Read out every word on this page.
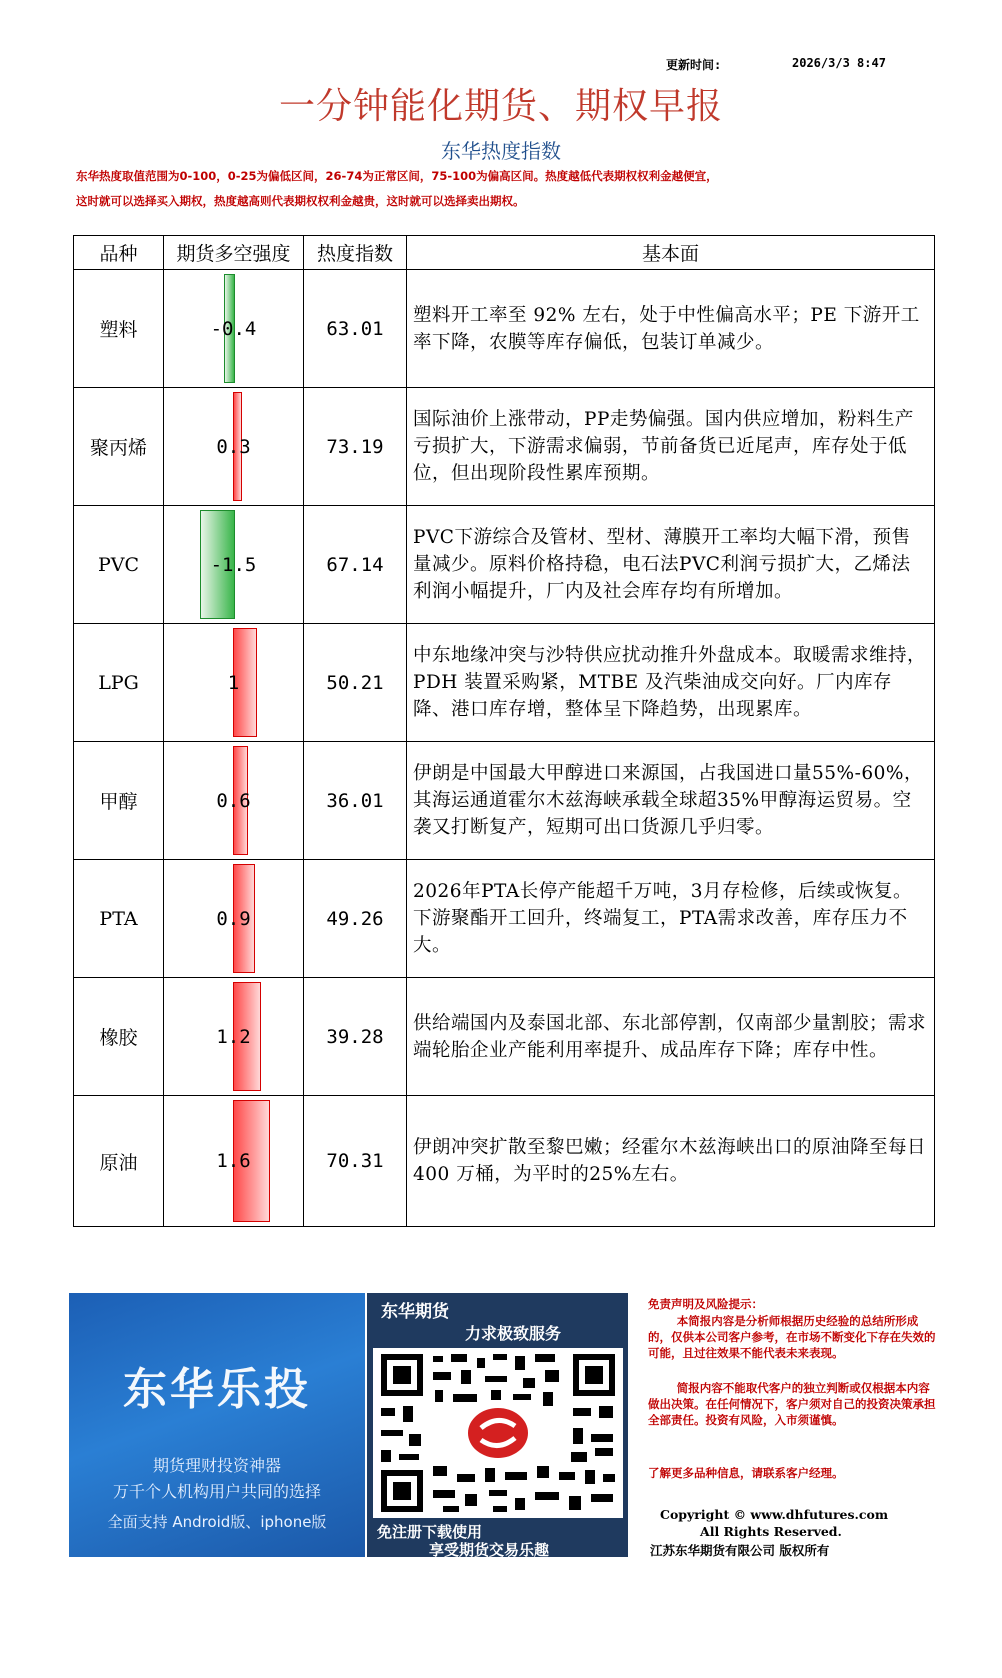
更新时间:	2026/3/3 8:47
一分钟能化期货、期权早报
东华热度指数
东华热度取值范围为0-100，0-25为偏低区间，26-74为正常区间，75-100为偏高区间。热度越低代表期权权利金越便宜，
这时就可以选择买入期权，热度越高则代表期权权利金越贵，这时就可以选择卖出期权。
品种	期货多空强度	热度指数	基本面
塑料	-0.4	63.01	塑料开工率至 92% 左右，处于中性偏高水平；PE 下游开工率下降，农膜等库存偏低，包装订单减少。
聚丙烯	0.3	73.19	国际油价上涨带动，PP走势偏强。国内供应增加，粉料生产亏损扩大，下游需求偏弱，节前备货已近尾声，库存处于低位，但出现阶段性累库预期。
PVC	-1.5	67.14	PVC下游综合及管材、型材、薄膜开工率均大幅下滑，预售量减少。原料价格持稳，电石法PVC利润亏损扩大，乙烯法利润小幅提升，厂内及社会库存均有所增加。
LPG	1	50.21	中东地缘冲突与沙特供应扰动推升外盘成本。取暖需求维持，PDH 装置采购紧，MTBE 及汽柴油成交向好。厂内库存降、港口库存增，整体呈下降趋势，出现累库。
甲醇	0.6	36.01	伊朗是中国最大甲醇进口来源国，占我国进口量55%-60%，其海运通道霍尔木兹海峡承载全球超35%甲醇海运贸易。空袭又打断复产，短期可出口货源几乎归零。
PTA	0.9	49.26	2026年PTA长停产能超千万吨，3月存检修，后续或恢复。下游聚酯开工回升，终端复工，PTA需求改善，库存压力不大。
橡胶	1.2	39.28	供给端国内及泰国北部、东北部停割，仅南部少量割胶；需求端轮胎企业产能利用率提升、成品库存下降；库存中性。
原油	1.6	70.31	伊朗冲突扩散至黎巴嫩；经霍尔木兹海峡出口的原油降至每日 400 万桶，为平时的25%左右。
东华乐投
期货理财投资神器
万千个人机构用户共同的选择
全面支持 Android版、iphone版
东华期货
力求极致服务
免注册下载使用
享受期货交易乐趣
免责声明及风险提示：
本简报内容是分析师根据历史经验的总结所形成的，仅供本公司客户参考，在市场不断变化下存在失效的可能，且过往效果不能代表未来表现。
简报内容不能取代客户的独立判断或仅根据本内容做出决策。在任何情况下，客户须对自己的投资决策承担全部责任。投资有风险，入市须谨慎。
了解更多品种信息，请联系客户经理。
Copyright © www.dhfutures.com
All Rights Reserved.
江苏东华期货有限公司 版权所有
